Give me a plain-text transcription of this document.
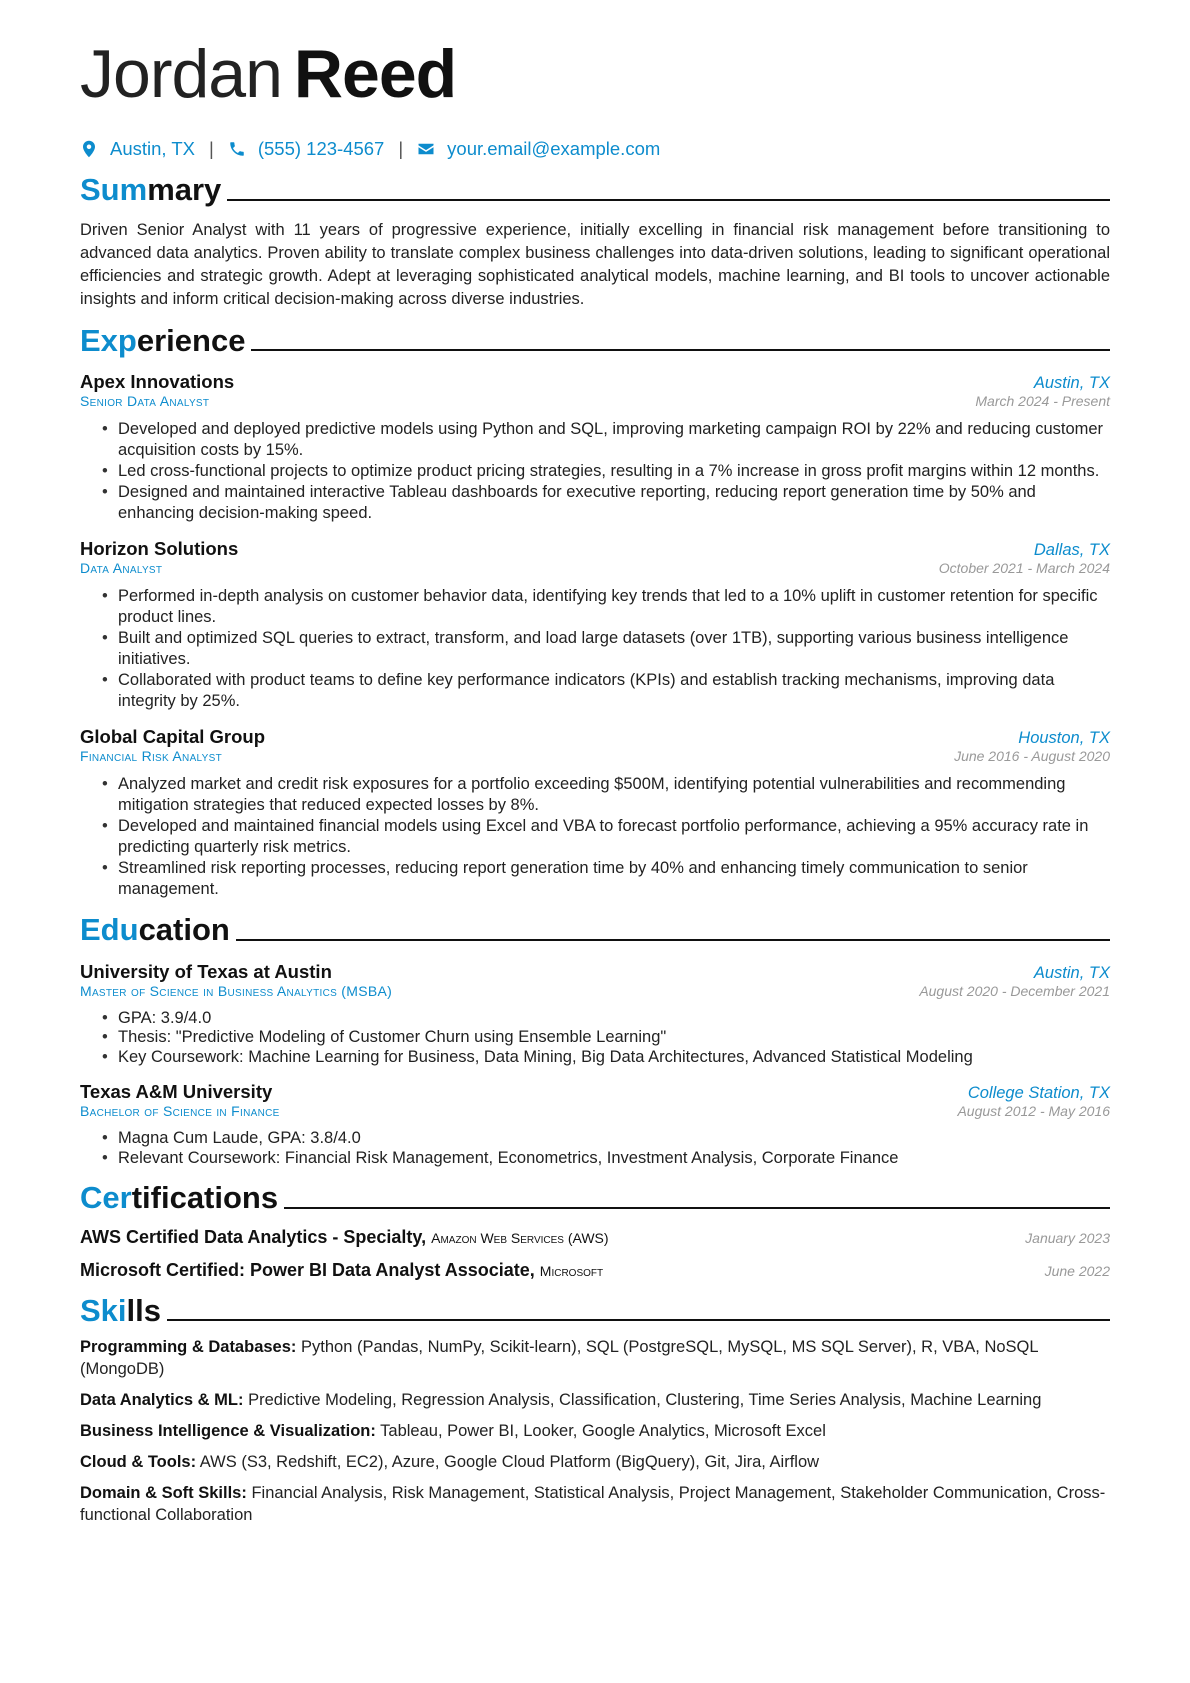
Jordan Reed
Austin, TX | (555) 123-4567 | your.email@example.com
Summary

Driven Senior Analyst with 11 years of progressive experience, initially excelling in financial risk management before transitioning to advanced data analytics. Proven ability to translate complex business challenges into data-driven solutions, leading to significant operational efficiencies and strategic growth. Adept at leveraging sophisticated analytical models, machine learning, and BI tools to uncover actionable insights and inform critical decision-making across diverse industries.

Experience
Apex Innovations	Austin, TX
Senior Data Analyst	March 2024 - Present
• Developed and deployed predictive models using Python and SQL, improving marketing campaign ROI by 22% and reducing customer acquisition costs by 15%.
• Led cross-functional projects to optimize product pricing strategies, resulting in a 7% increase in gross profit margins within 12 months.
• Designed and maintained interactive Tableau dashboards for executive reporting, reducing report generation time by 50% and enhancing decision-making speed.
Horizon Solutions	Dallas, TX
Data Analyst	October 2021 - March 2024
• Performed in-depth analysis on customer behavior data, identifying key trends that led to a 10% uplift in customer retention for specific product lines.
• Built and optimized SQL queries to extract, transform, and load large datasets (over 1TB), supporting various business intelligence initiatives.
• Collaborated with product teams to define key performance indicators (KPIs) and establish tracking mechanisms, improving data integrity by 25%.
Global Capital Group	Houston, TX
Financial Risk Analyst	June 2016 - August 2020
• Analyzed market and credit risk exposures for a portfolio exceeding $500M, identifying potential vulnerabilities and recommending mitigation strategies that reduced expected losses by 8%.
• Developed and maintained financial models using Excel and VBA to forecast portfolio performance, achieving a 95% accuracy rate in predicting quarterly risk metrics.
• Streamlined risk reporting processes, reducing report generation time by 40% and enhancing timely communication to senior management.
Education
University of Texas at Austin	Austin, TX
Master of Science in Business Analytics (MSBA)	August 2020 - December 2021
• GPA: 3.9/4.0
• Thesis: "Predictive Modeling of Customer Churn using Ensemble Learning"
• Key Coursework: Machine Learning for Business, Data Mining, Big Data Architectures, Advanced Statistical Modeling
Texas A&M University	College Station, TX
Bachelor of Science in Finance	August 2012 - May 2016
• Magna Cum Laude, GPA: 3.8/4.0
• Relevant Coursework: Financial Risk Management, Econometrics, Investment Analysis, Corporate Finance
Certifications
AWS Certified Data Analytics - Specialty, Amazon Web Services (AWS)	January 2023
Microsoft Certified: Power BI Data Analyst Associate, Microsoft	June 2022
Skills
Programming & Databases: Python (Pandas, NumPy, Scikit-learn), SQL (PostgreSQL, MySQL, MS SQL Server), R, VBA, NoSQL (MongoDB)
Data Analytics & ML: Predictive Modeling, Regression Analysis, Classification, Clustering, Time Series Analysis, Machine Learning
Business Intelligence & Visualization: Tableau, Power BI, Looker, Google Analytics, Microsoft Excel
Cloud & Tools: AWS (S3, Redshift, EC2), Azure, Google Cloud Platform (BigQuery), Git, Jira, Airflow
Domain & Soft Skills: Financial Analysis, Risk Management, Statistical Analysis, Project Management, Stakeholder Communication, Cross-functional Collaboration
